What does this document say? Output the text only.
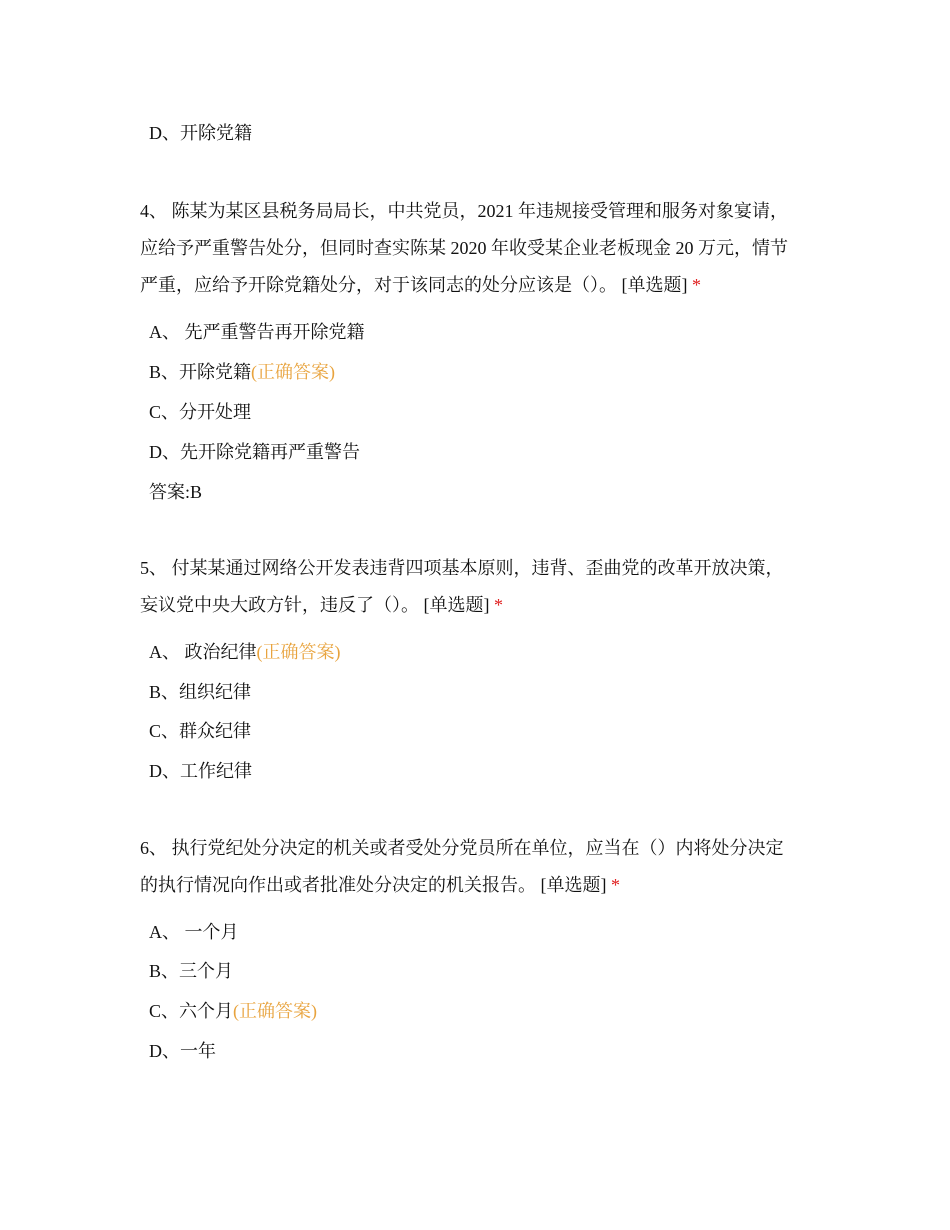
D、开除党籍
4、 陈某为某区县税务局局长，中共党员，2021 年违规接受管理和服务对象宴请，
应给予严重警告处分，但同时查实陈某 2020 年收受某企业老板现金 20 万元，情节
严重，应给予开除党籍处分，对于该同志的处分应该是（）。 [单选题] *
A、 先严重警告再开除党籍
B、开除党籍(正确答案)
C、分开处理
D、先开除党籍再严重警告
答案:B
5、 付某某通过网络公开发表违背四项基本原则，违背、歪曲党的改革开放决策，
妄议党中央大政方针，违反了（）。 [单选题] *
A、 政治纪律(正确答案)
B、组织纪律
C、群众纪律
D、工作纪律
6、 执行党纪处分决定的机关或者受处分党员所在单位，应当在（）内将处分决定
的执行情况向作出或者批准处分决定的机关报告。 [单选题] *
A、 一个月
B、三个月
C、六个月(正确答案)
D、一年
